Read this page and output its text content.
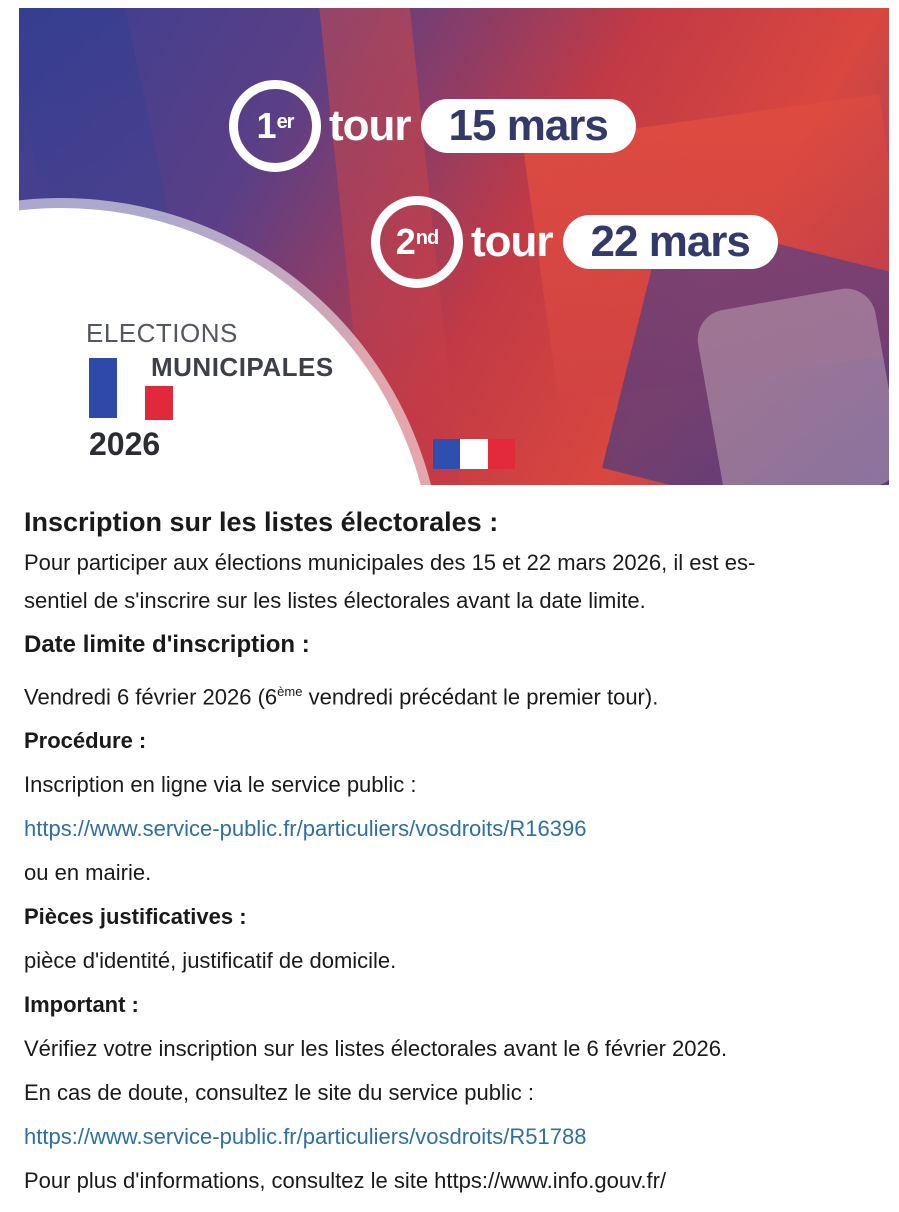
1er tour 15 mars
2nd tour 22 mars
ELECTIONS
MUNICIPALES
2026
Inscription sur les listes électorales :

Pour participer aux élections municipales des 15 et 22 mars 2026, il est es-

sentiel de s'inscrire sur les listes électorales avant la date limite.

Date limite d'inscription :

Vendredi 6 février 2026 (6ème vendredi précédant le premier tour).

Procédure :

Inscription en ligne via le service public :

https://www.service-public.fr/particuliers/vosdroits/R16396

ou en mairie.

Pièces justificatives :

pièce d'identité, justificatif de domicile.

Important :

Vérifiez votre inscription sur les listes électorales avant le 6 février 2026.

En cas de doute, consultez le site du service public :

https://www.service-public.fr/particuliers/vosdroits/R51788

Pour plus d'informations, consultez le site https://www.info.gouv.fr/
